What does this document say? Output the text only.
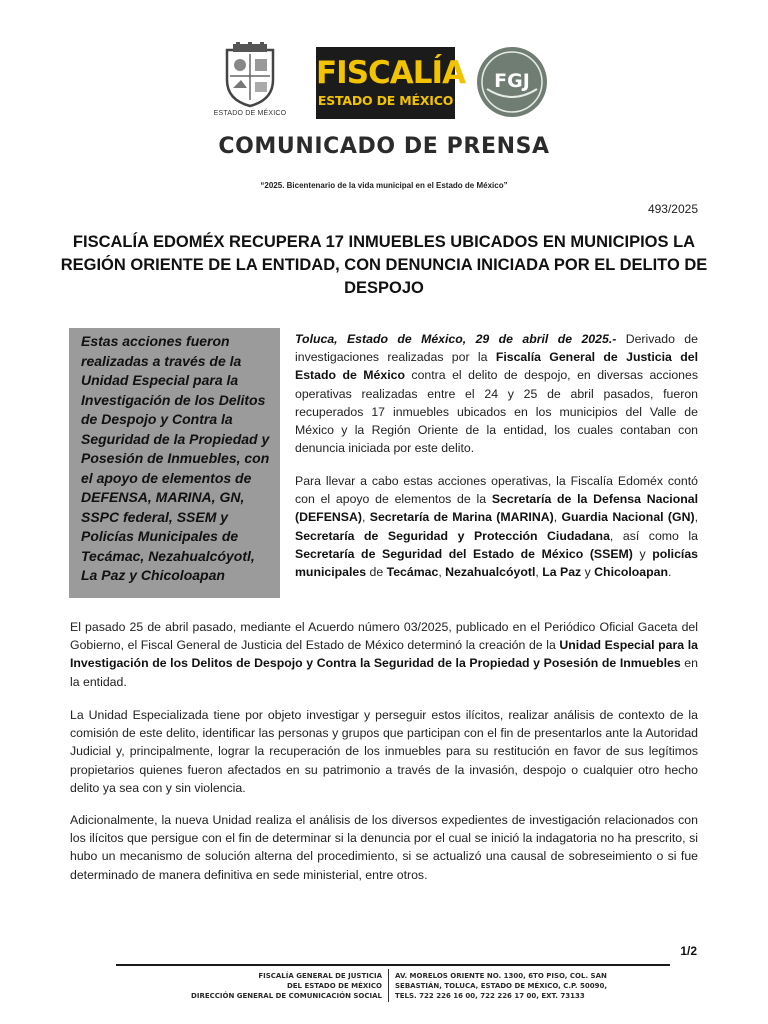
ESTADO DE MÉXICO
FISCALÍA
ESTADO DE MÉXICO
FGJ
COMUNICADO DE PRENSA
“2025. Bicentenario de la vida municipal en el Estado de México”
493/2025
FISCALÍA EDOMÉX RECUPERA 17 INMUEBLES UBICADOS EN MUNICIPIOS LA REGIÓN ORIENTE DE LA ENTIDAD, CON DENUNCIA INICIADA POR EL DELITO DE DESPOJO

Estas acciones fueron realizadas a través de la Unidad Especial para la Investigación de los Delitos de Despojo y Contra la Seguridad de la Propiedad y Posesión de Inmuebles, con el apoyo de elementos de DEFENSA, MARINA, GN, SSPC federal, SSEM y Policías Municipales de Tecámac, Nezahualcóyotl, La Paz y Chicoloapan

Toluca, Estado de México, 29 de abril de 2025.- Derivado de investigaciones realizadas por la Fiscalía General de Justicia del Estado de México contra el delito de despojo, en diversas acciones operativas realizadas entre el 24 y 25 de abril pasados, fueron recuperados 17 inmuebles ubicados en los municipios del Valle de México y la Región Oriente de la entidad, los cuales contaban con denuncia iniciada por este delito.
Para llevar a cabo estas acciones operativas, la Fiscalía Edoméx contó con el apoyo de elementos de la Secretaría de la Defensa Nacional (DEFENSA), Secretaría de Marina (MARINA), Guardia Nacional (GN), Secretaría de Seguridad y Protección Ciudadana, así como la Secretaría de Seguridad del Estado de México (SSEM) y policías municipales de Tecámac, Nezahualcóyotl, La Paz y Chicoloapan.
El pasado 25 de abril pasado, mediante el Acuerdo número 03/2025, publicado en el Periódico Oficial Gaceta del Gobierno, el Fiscal General de Justicia del Estado de México determinó la creación de la Unidad Especial para la Investigación de los Delitos de Despojo y Contra la Seguridad de la Propiedad y Posesión de Inmuebles en la entidad.
La Unidad Especializada tiene por objeto investigar y perseguir estos ilícitos, realizar análisis de contexto de la comisión de este delito, identificar las personas y grupos que participan con el fin de presentarlos ante la Autoridad Judicial y, principalmente, lograr la recuperación de los inmuebles para su restitución en favor de sus legítimos propietarios quienes fueron afectados en su patrimonio a través de la invasión, despojo o cualquier otro hecho delito ya sea con y sin violencia.
Adicionalmente, la nueva Unidad realiza el análisis de los diversos expedientes de investigación relacionados con los ilícitos que persigue con el fin de determinar si la denuncia por el cual se inició la indagatoria no ha prescrito, si hubo un mecanismo de solución alterna del procedimiento, si se actualizó una causal de sobreseimiento o si fue determinado de manera definitiva en sede ministerial, entre otros.
1/2
FISCALÍA GENERAL DE JUSTICIA
DEL ESTADO DE MÉXICO
DIRECCIÓN GENERAL DE COMUNICACIÓN SOCIAL
AV. MORELOS ORIENTE NO. 1300, 6TO PISO, COL. SAN
SEBASTIÁN, TOLUCA, ESTADO DE MÉXICO, C.P. 50090,
TELS. 722 226 16 00, 722 226 17 00, EXT. 73133
